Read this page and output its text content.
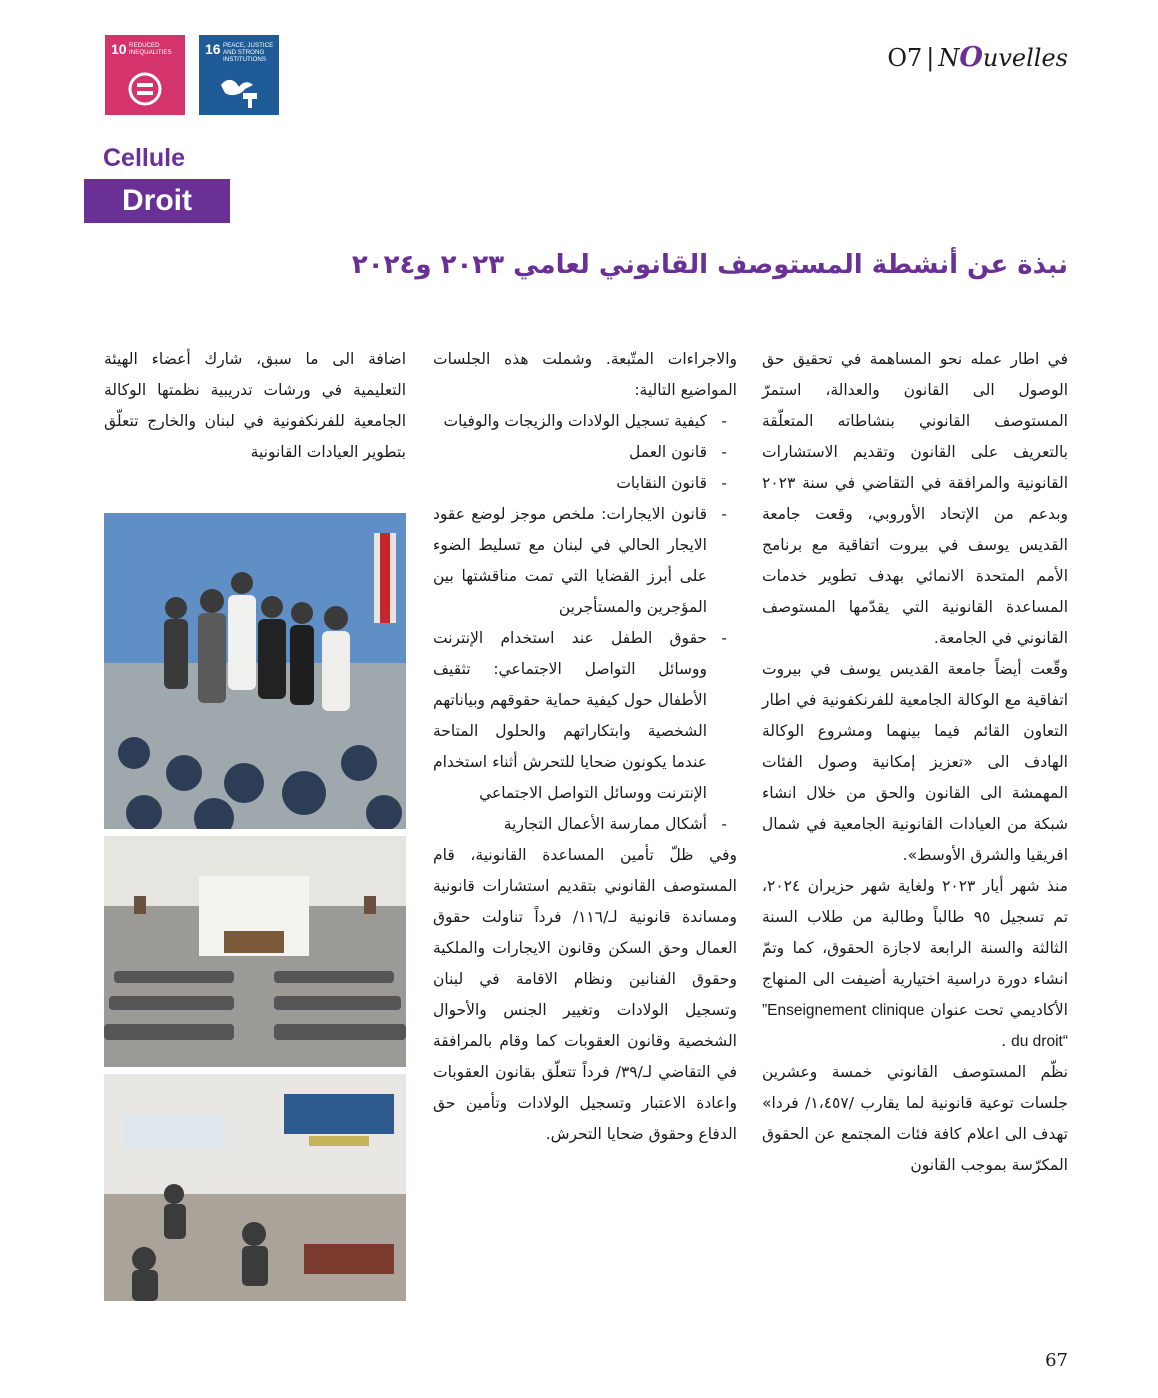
10 REDUCED INEQUALITIES	16 PEACE, JUSTICE AND STRONG INSTITUTIONS	O7 | NOuvelles
Cellule
Droit
نبذة عن أنشطة المستوصف القانوني لعامي ٢٠٢٣ و٢٠٢٤

في اطار عمله نحو المساهمة في تحقيق حق الوصول الى القانون والعدالة، استمرّ المستوصف القانوني بنشاطاته المتعلّقة بالتعريف على القانون وتقديم الاستشارات القانونية والمرافقة في التقاضي في سنة ٢٠٢٣ وبدعم من الإتحاد الأوروبي، وقعت جامعة القديس يوسف في بيروت اتفاقية مع برنامج الأمم المتحدة الانمائي بهدف تطوير خدمات المساعدة القانونية التي يقدّمها المستوصف القانوني في الجامعة.

وقّعت أيضاً جامعة القديس يوسف في بيروت اتفاقية مع الوكالة الجامعية للفرنكفونية في اطار التعاون القائم فيما بينهما ومشروع الوكالة الهادف الى «تعزيز إمكانية وصول الفئات المهمشة الى القانون والحق من خلال انشاء شبكة من العيادات القانونية الجامعية في شمال افريقيا والشرق الأوسط».

منذ شهر أيار ٢٠٢٣ ولغاية شهر حزيران ٢٠٢٤، تم تسجيل ٩٥ طالباً وطالبة من طلاب السنة الثالثة والسنة الرابعة لاجازة الحقوق، كما وتمّ انشاء دورة دراسية اختيارية أضيفت الى المنهاج الأكاديمي تحت عنوان ”Enseignement clinique du droit“ .

نظّم المستوصف القانوني خمسة وعشرين جلسات توعية قانونية لما يقارب /١،٤٥٧/ فردا» تهدف الى اعلام كافة فئات المجتمع عن الحقوق المكرّسة بموجب القانون

والاجراءات المتّبعة. وشملت هذه الجلسات المواضيع التالية:

- كيفية تسجيل الولادات والزيجات والوفيات
- قانون العمل
- قانون النقابات
- قانون الايجارات: ملخص موجز لوضع عقود الايجار الحالي في لبنان مع تسليط الضوء على أبرز القضايا التي تمت مناقشتها بين المؤجرين والمستأجرين
- حقوق الطفل عند استخدام الإنترنت ووسائل التواصل الاجتماعي: تثقيف الأطفال حول كيفية حماية حقوقهم وبياناتهم الشخصية وابتكاراتهم والحلول المتاحة عندما يكونون ضحايا للتحرش أثناء استخدام الإنترنت ووسائل التواصل الاجتماعي
- أشكال ممارسة الأعمال التجارية

وفي ظلّ تأمين المساعدة القانونية، قام المستوصف القانوني بتقديم استشارات قانونية ومساندة قانونية لـ/١١٦/ فرداً تناولت حقوق العمال وحق السكن وقانون الايجارات والملكية وحقوق الفنانين ونظام الاقامة في لبنان وتسجيل الولادات وتغيير الجنس والأحوال الشخصية وقانون العقوبات كما وقام بالمرافقة في التقاضي لـ/٣٩/ فرداً تتعلّق بقانون العقوبات واعادة الاعتبار وتسجيل الولادات وتأمين حق الدفاع وحقوق ضحايا التحرش.

اضافة الى ما سبق، شارك أعضاء الهيئة التعليمية في ورشات تدريبية نظمتها الوكالة الجامعية للفرنكفونية في لبنان والخارج تتعلّق بتطوير العيادات القانونية

67
